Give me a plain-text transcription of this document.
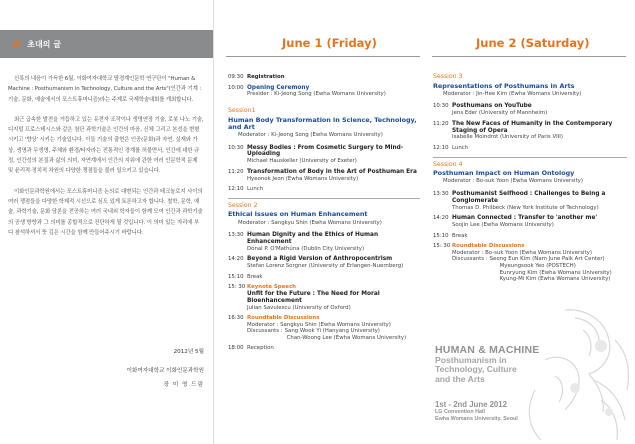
✿ 초대의 글

신록의 내음이 가득한 6월, 이화여자대학교 탈경계인문학 연구단이 "Human & Machine : Posthumanism in Technology, Culture and the Arts"(인간과 기계 : 기술, 문화, 예술에서의 포스트휴머니즘)라는 주제로 국제학술대회를 개최합니다.

최근 급속한 발전을 거듭하고 있는 유전자 조작이나 생명연장 기술, 로봇 나노 기술, 디지털 프로스테시스와 같은 첨단 과학기술은 인간의 마음, 신체 그리고 본성을 변형시키고 '향상' 시키는 기술입니다. 이들 기술의 출현은 인공(문화)과 자연, 실재와 가상, 생명과 무생명, 주체와 환경/타자라는 전통적인 경계를 허물면서, 인간에 대한 규정, 인간성의 본질과 삶의 의미, 자연계에서 인간의 지위에 관한 여러 인문학적 문제 및 윤리적·정치적 차원의 다양한 쟁점들을 불러 일으키고 있습니다.

이화인문과학원에서는 포스트휴머니즘 논의로 대변되는 인간과 테크놀로지 사이의 여러 쟁점들을 다양한 학제적 시선으로 심도 있게 토론하고자 합니다. 철학, 문학, 예술, 과학기술, 문화 담론을 전공하는 여러 국내외 학자들이 함께 모여 인간과 과학기술의 공생 방향과 그 의미를 종합적으로 진단하게 될 것입니다. 이 의미 있는 자리에 부디 참석하셔서 뜻 깊은 시간을 함께 만들어주시기 바랍니다.

2012년 5월
이화여자대학교 이화인문과학원
장 미 영 드림
June 1 (Friday)	June 2 (Saturday)
09:30 Registration
10:00 Opening Ceremony
Presider : Ki-Jeong Song (Ewha Womans University)
Session1
Human Body Transformation in Science, Technology, and Art
Moderator : Ki-Jeong Song (Ewha Womans University)
10:30 Messy Bodies : From Cosmetic Surgery to Mind-Uploading
Michael Hauskeller (University of Exeter)
11:20 Transformation of Body in the Art of Posthuman Era
Hyeonok Jeon (Ewha Womans University)
12:10 Lunch
Session 2
Ethical Issues on Human Enhancement
Moderator : Sangkyu Shin (Ewha Womans University)
13:30 Human Dignity and the Ethics of Human Enhancement
Dónal P. O'Mathúna (Dublin City University)
14:20 Beyond a Rigid Version of Anthropocentrism
Stefan Lorenz Sorgner (University of Erlangen-Nuernberg)
15:10 Break
15: 30 Keynote Speech
Unfit for the Future : The Need for Moral Bioenhancement
Julian Savulescu (University of Oxford)
16:30 Roundtable Discussions
Moderator : Sangkyu Shin (Ewha Womans University)
Discussants : Sang Wook Yi (Hanyang University)
Chan-Woong Lee (Ewha Womans University)
18:00 Reception
Session 3
Representations of Posthumans in Arts
Moderator : Jin-Hee Kim (Ewha Womans University)
10:30 Posthumans on YouTube
Jens Eder (University of Mannheim)
11:20 The New Faces of Humanity in the Contemporary Staging of Opera
Isabelle Moindrot (University of Paris VIII)
12:10 Lunch
Session 4
Posthuman Impact on Human Ontology
Moderator : Bo-suk Yoon (Ewha Womans University)
13:30 Posthumanist Selfhood : Challenges to Being a Conglomerate
Thomas D. Philbeck (New York Institute of Technology)
14:20 Human Connected : Transfer to 'another me'
Soojin Lee (Ewha Womans University)
15:10 Break
15: 30 Roundtable Discussions
Moderator : Bo-suk Yoon (Ewha Womans University)
Discussants : Seong Eun Kim (Nam June Paik Art Center)
Myeungsook Yeo (POSTECH)
Eunryung Kim (Ewha Womans University)
Kyung-Mi Kim (Ewha Womans University)
HUMAN & MACHINE
Posthumanism in
Technology, Culture
and the Arts
1st - 2nd June 2012
LG Convention Hall
Ewha Womans University, Seoul
